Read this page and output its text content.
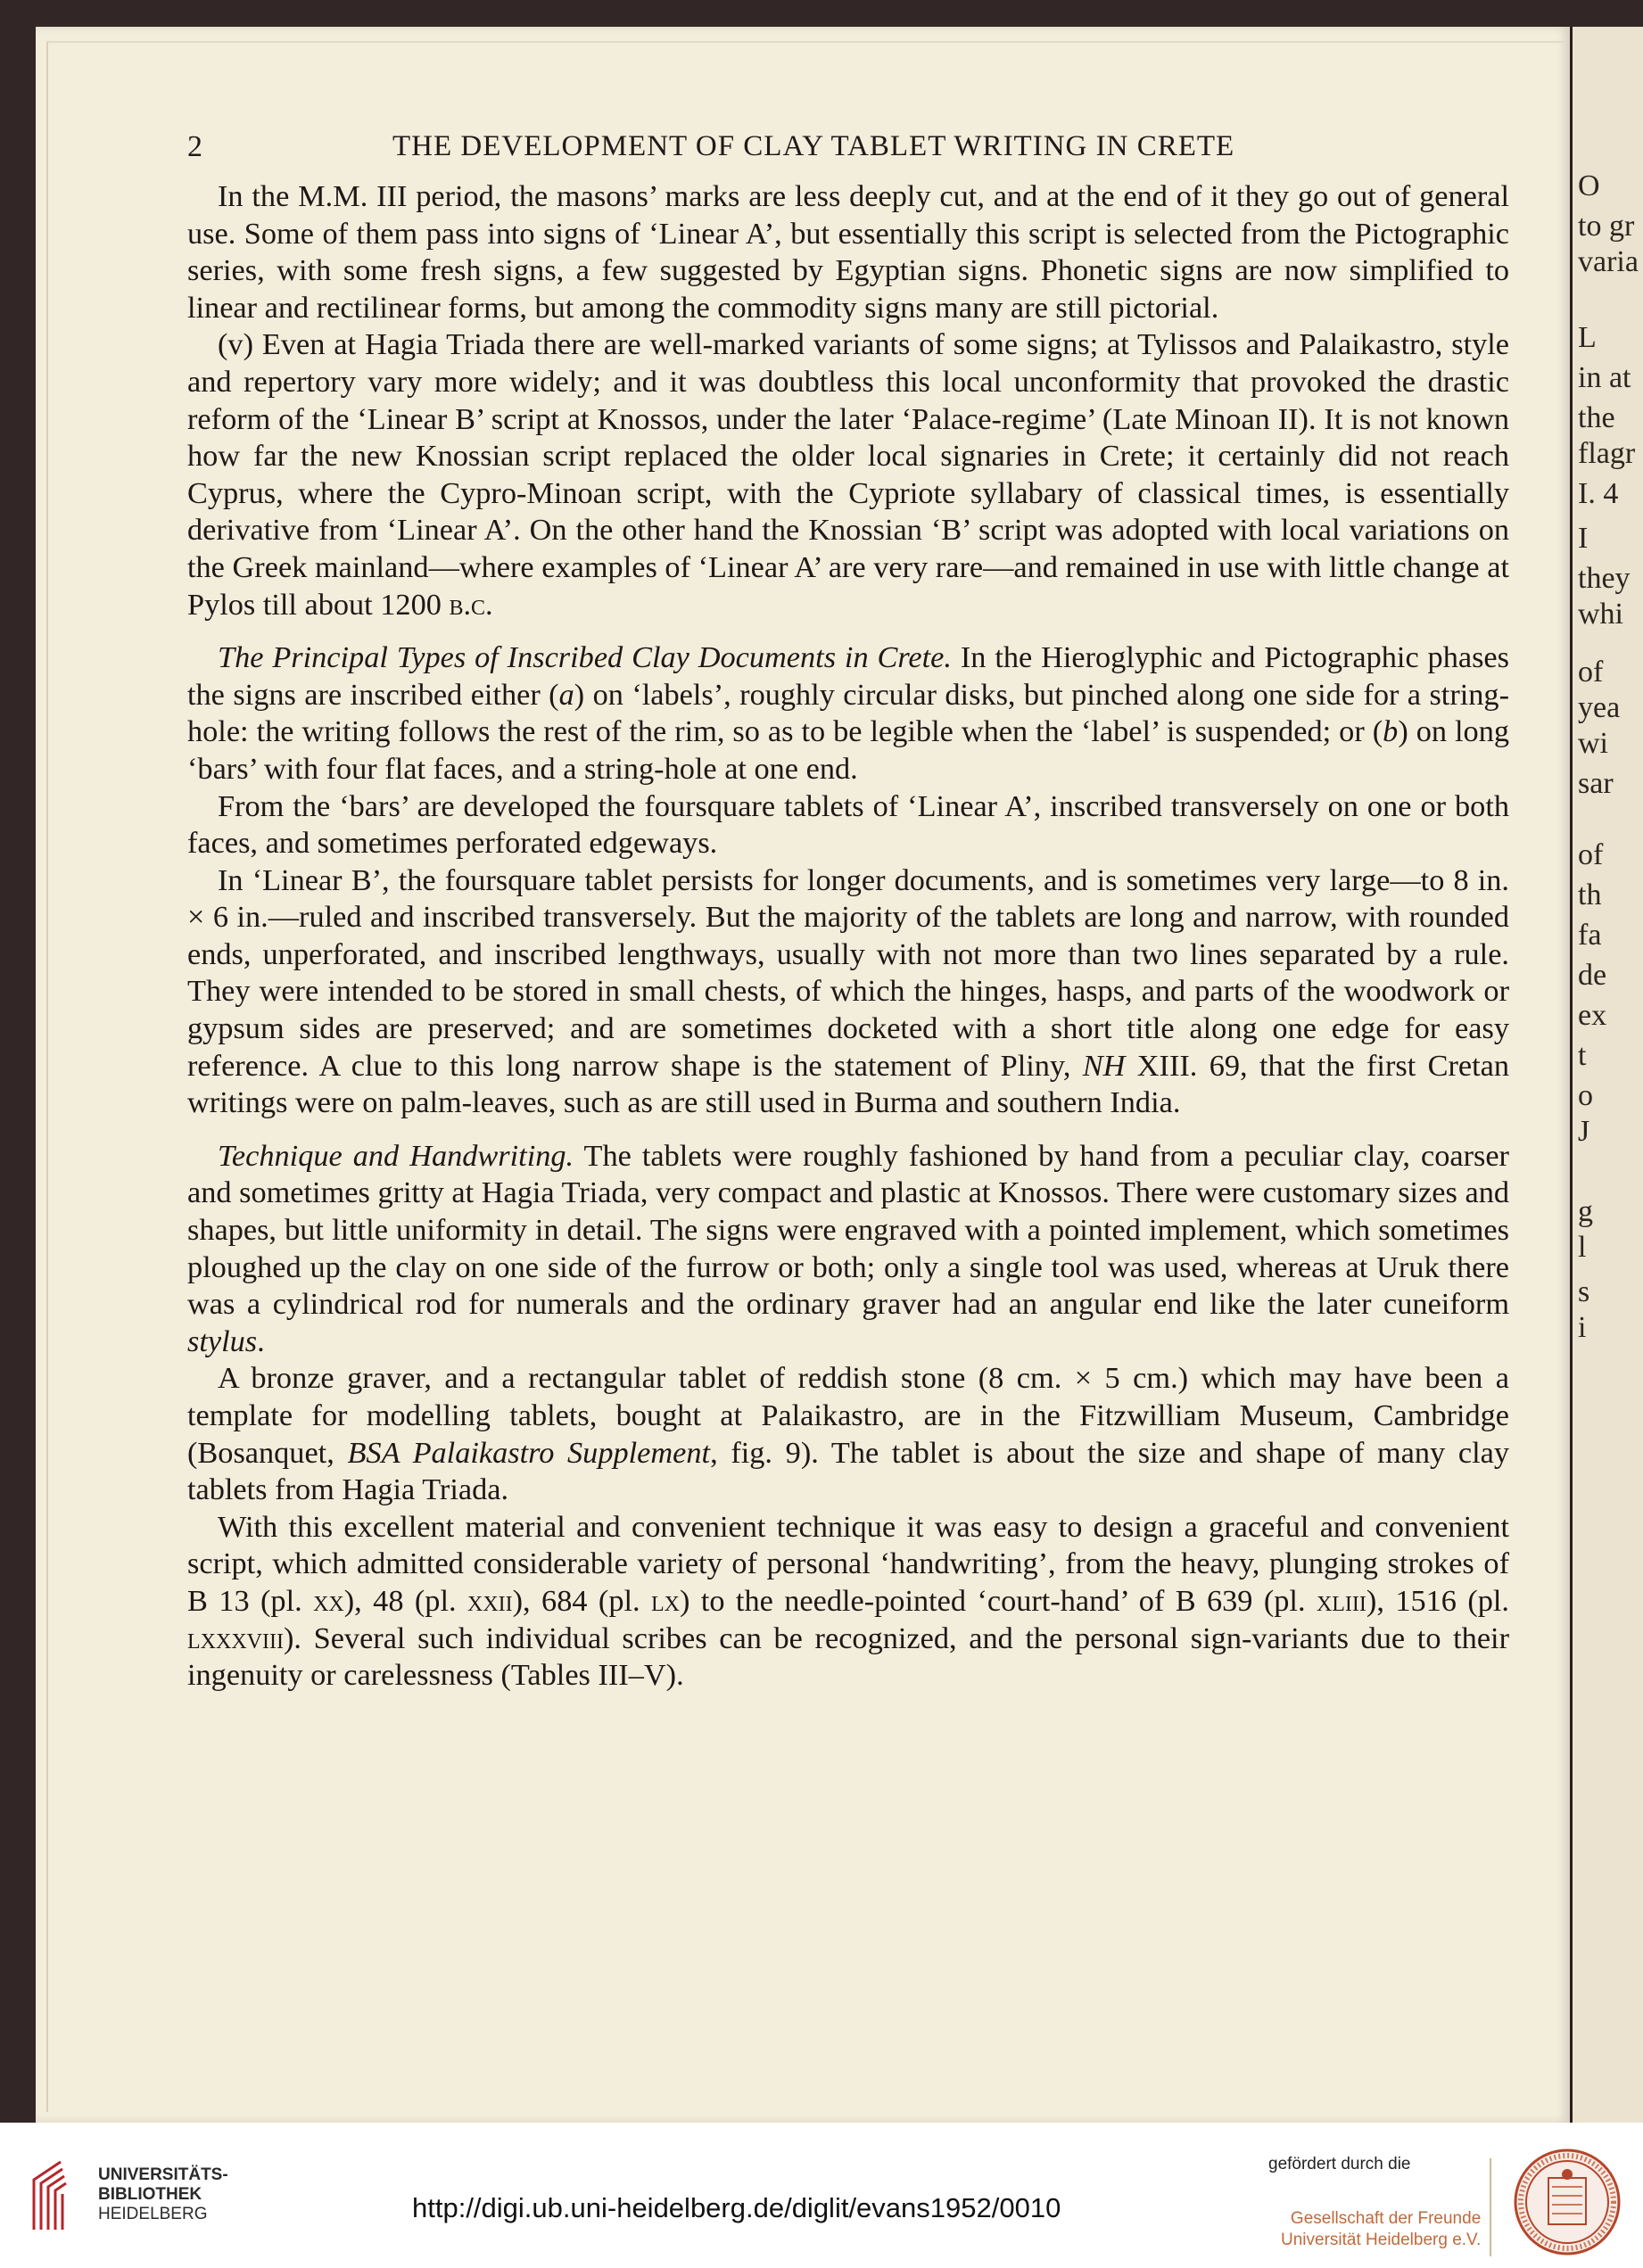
O
to gr
varia
L
in at
the
flagr
I. 4
I
they
whi
of
yea
wi
sar
of
th
fa
de
ex
t
o
J
g
l
s
i
2	THE DEVELOPMENT OF CLAY TABLET WRITING IN CRETE

In the M.M. III period, the masons’ marks are less deeply cut, and at the end of it they go out of general use. Some of them pass into signs of ‘Linear A’, but essentially this script is selected from the Pictographic series, with some fresh signs, a few suggested by Egyptian signs. Phonetic signs are now simplified to linear and rectilinear forms, but among the commodity signs many are still pictorial.

(v) Even at Hagia Triada there are well-marked variants of some signs; at Tylissos and Palaikastro, style and repertory vary more widely; and it was doubtless this local unconformity that provoked the drastic reform of the ‘Linear B’ script at Knossos, under the later ‘Palace-regime’ (Late Minoan II). It is not known how far the new Knossian script replaced the older local signaries in Crete; it certainly did not reach Cyprus, where the Cypro-Minoan script, with the Cypriote syllabary of classical times, is essentially derivative from ‘Linear A’. On the other hand the Knossian ‘B’ script was adopted with local variations on the Greek mainland—where examples of ‘Linear A’ are very rare—and remained in use with little change at Pylos till about 1200 b.c.

The Principal Types of Inscribed Clay Documents in Crete. In the Hieroglyphic and Pictographic phases the signs are inscribed either (a) on ‘labels’, roughly circular disks, but pinched along one side for a string-hole: the writing follows the rest of the rim, so as to be legible when the ‘label’ is suspended; or (b) on long ‘bars’ with four flat faces, and a string-hole at one end.

From the ‘bars’ are developed the foursquare tablets of ‘Linear A’, inscribed transversely on one or both faces, and sometimes perforated edgeways.

In ‘Linear B’, the foursquare tablet persists for longer documents, and is sometimes very large—to 8 in. × 6 in.—ruled and inscribed transversely. But the majority of the tablets are long and narrow, with rounded ends, unperforated, and inscribed lengthways, usually with not more than two lines separated by a rule. They were intended to be stored in small chests, of which the hinges, hasps, and parts of the woodwork or gypsum sides are preserved; and are sometimes docketed with a short title along one edge for easy reference. A clue to this long narrow shape is the statement of Pliny, NH XIII. 69, that the first Cretan writings were on palm-leaves, such as are still used in Burma and southern India.

Technique and Handwriting. The tablets were roughly fashioned by hand from a peculiar clay, coarser and sometimes gritty at Hagia Triada, very compact and plastic at Knossos. There were customary sizes and shapes, but little uniformity in detail. The signs were engraved with a pointed implement, which sometimes ploughed up the clay on one side of the furrow or both; only a single tool was used, whereas at Uruk there was a cylindrical rod for numerals and the ordinary graver had an angular end like the later cuneiform stylus.

A bronze graver, and a rectangular tablet of reddish stone (8 cm. × 5 cm.) which may have been a template for modelling tablets, bought at Palaikastro, are in the Fitzwilliam Museum, Cambridge (Bosanquet, BSA Palaikastro Supplement, fig. 9). The tablet is about the size and shape of many clay tablets from Hagia Triada.

With this excellent material and convenient technique it was easy to design a graceful and convenient script, which admitted considerable variety of personal ‘handwriting’, from the heavy, plunging strokes of B 13 (pl. xx), 48 (pl. xxii), 684 (pl. lx) to the needle-pointed ‘court-hand’ of B 639 (pl. xliii), 1516 (pl. lxxxviii). Several such individual scribes can be recognized, and the personal sign-variants due to their ingenuity or carelessness (Tables III–V).

UNIVERSITÄTS-
BIBLIOTHEK
HEIDELBERG	http://digi.ub.uni-heidelberg.de/diglit/evans1952/0010
gefördert durch die
Gesellschaft der Freunde
Universität Heidelberg e.V.
